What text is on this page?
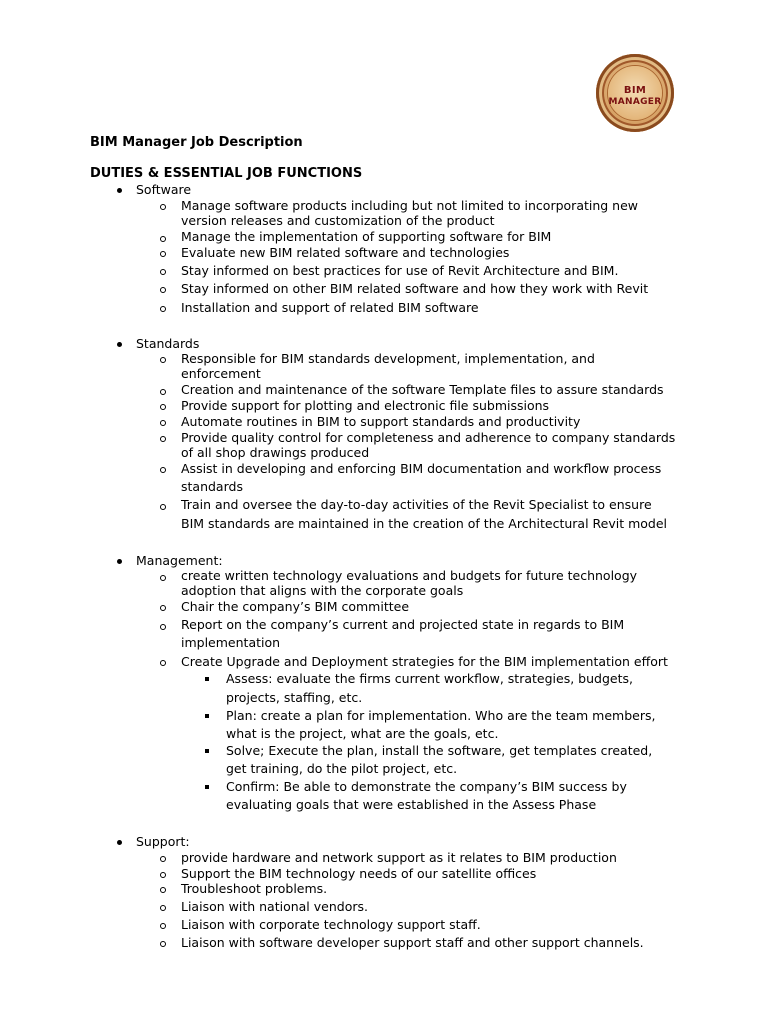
BIM
MANAGER
BIM Manager Job Description
DUTIES & ESSENTIAL JOB FUNCTIONS
Software
Manage software products including but not limited to incorporating new
version releases and customization of the product
Manage the implementation of supporting software for BIM
Evaluate new BIM related software and technologies
Stay informed on best practices for use of Revit Architecture and BIM.
Stay informed on other BIM related software and how they work with Revit
Installation and support of related BIM software
Standards
Responsible for BIM standards development, implementation, and
enforcement
Creation and maintenance of the software Template files to assure standards
Provide support for plotting and electronic file submissions
Automate routines in BIM to support standards and productivity
Provide quality control for completeness and adherence to company standards
of all shop drawings produced
Assist in developing and enforcing BIM documentation and workflow process
standards
Train and oversee the day-to-day activities of the Revit Specialist to ensure
BIM standards are maintained in the creation of the Architectural Revit model
Management:
create written technology evaluations and budgets for future technology
adoption that aligns with the corporate goals
Chair the company’s BIM committee
Report on the company’s current and projected state in regards to BIM
implementation
Create Upgrade and Deployment strategies for the BIM implementation effort
Assess: evaluate the firms current workflow, strategies, budgets,
projects, staffing, etc.
Plan: create a plan for implementation. Who are the team members,
what is the project, what are the goals, etc.
Solve; Execute the plan, install the software, get templates created,
get training, do the pilot project, etc.
Confirm: Be able to demonstrate the company’s BIM success by
evaluating goals that were established in the Assess Phase
Support:
provide hardware and network support as it relates to BIM production
Support the BIM technology needs of our satellite offices
Troubleshoot problems.
Liaison with national vendors.
Liaison with corporate technology support staff.
Liaison with software developer support staff and other support channels.
